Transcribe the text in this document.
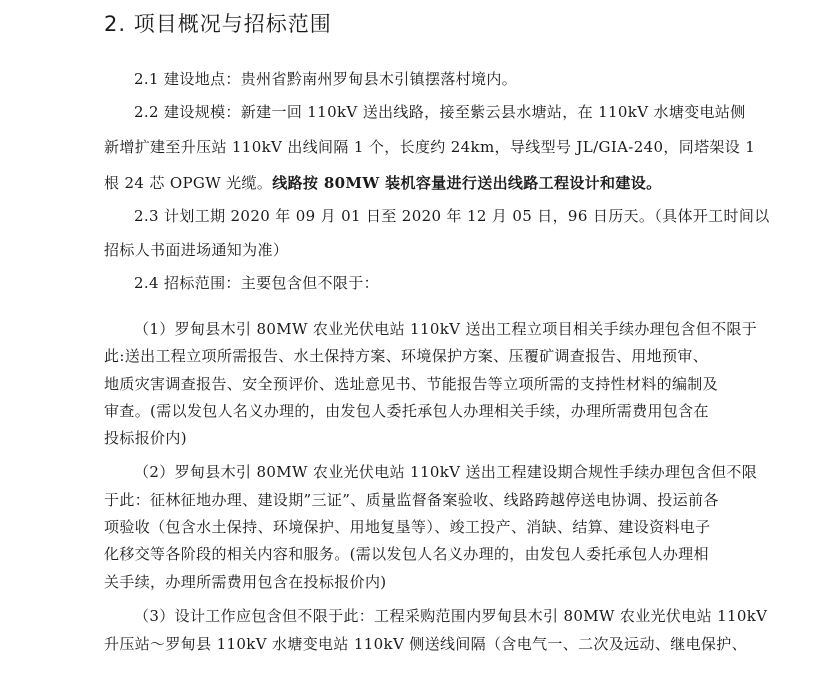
2. 项目概况与招标范围
2.1 建设地点：贵州省黔南州罗甸县木引镇摆落村境内。
2.2 建设规模：新建一回 110kV 送出线路，接至紫云县水塘站，在 110kV 水塘变电站侧
新增扩建至升压站 110kV 出线间隔 1 个，长度约 24km，导线型号 JL/GIA-240，同塔架设 1
根 24 芯 OPGW 光缆。线路按 80MW 装机容量进行送出线路工程设计和建设。
2.3 计划工期 2020 年 09 月 01 日至 2020 年 12 月 05 日，96 日历天。（具体开工时间以
招标人书面进场通知为准）
2.4 招标范围：主要包含但不限于：
（1）罗甸县木引 80MW 农业光伏电站 110kV 送出工程立项目相关手续办理包含但不限于
此:送出工程立项所需报告、水土保持方案、环境保护方案、压覆矿调查报告、用地预审、
地质灾害调查报告、安全预评价、选址意见书、节能报告等立项所需的支持性材料的编制及
审查。(需以发包人名义办理的，由发包人委托承包人办理相关手续，办理所需费用包含在
投标报价内)
（2）罗甸县木引 80MW 农业光伏电站 110kV 送出工程建设期合规性手续办理包含但不限
于此：征林征地办理、建设期”三证”、质量监督备案验收、线路跨越停送电协调、投运前各
项验收（包含水土保持、环境保护、用地复垦等）、竣工投产、消缺、结算、建设资料电子
化移交等各阶段的相关内容和服务。(需以发包人名义办理的，由发包人委托承包人办理相
关手续，办理所需费用包含在投标报价内)
（3）设计工作应包含但不限于此：工程采购范围内罗甸县木引 80MW 农业光伏电站 110kV
升压站～罗甸县 110kV 水塘变电站 110kV 侧送线间隔（含电气一、二次及远动、继电保护、
